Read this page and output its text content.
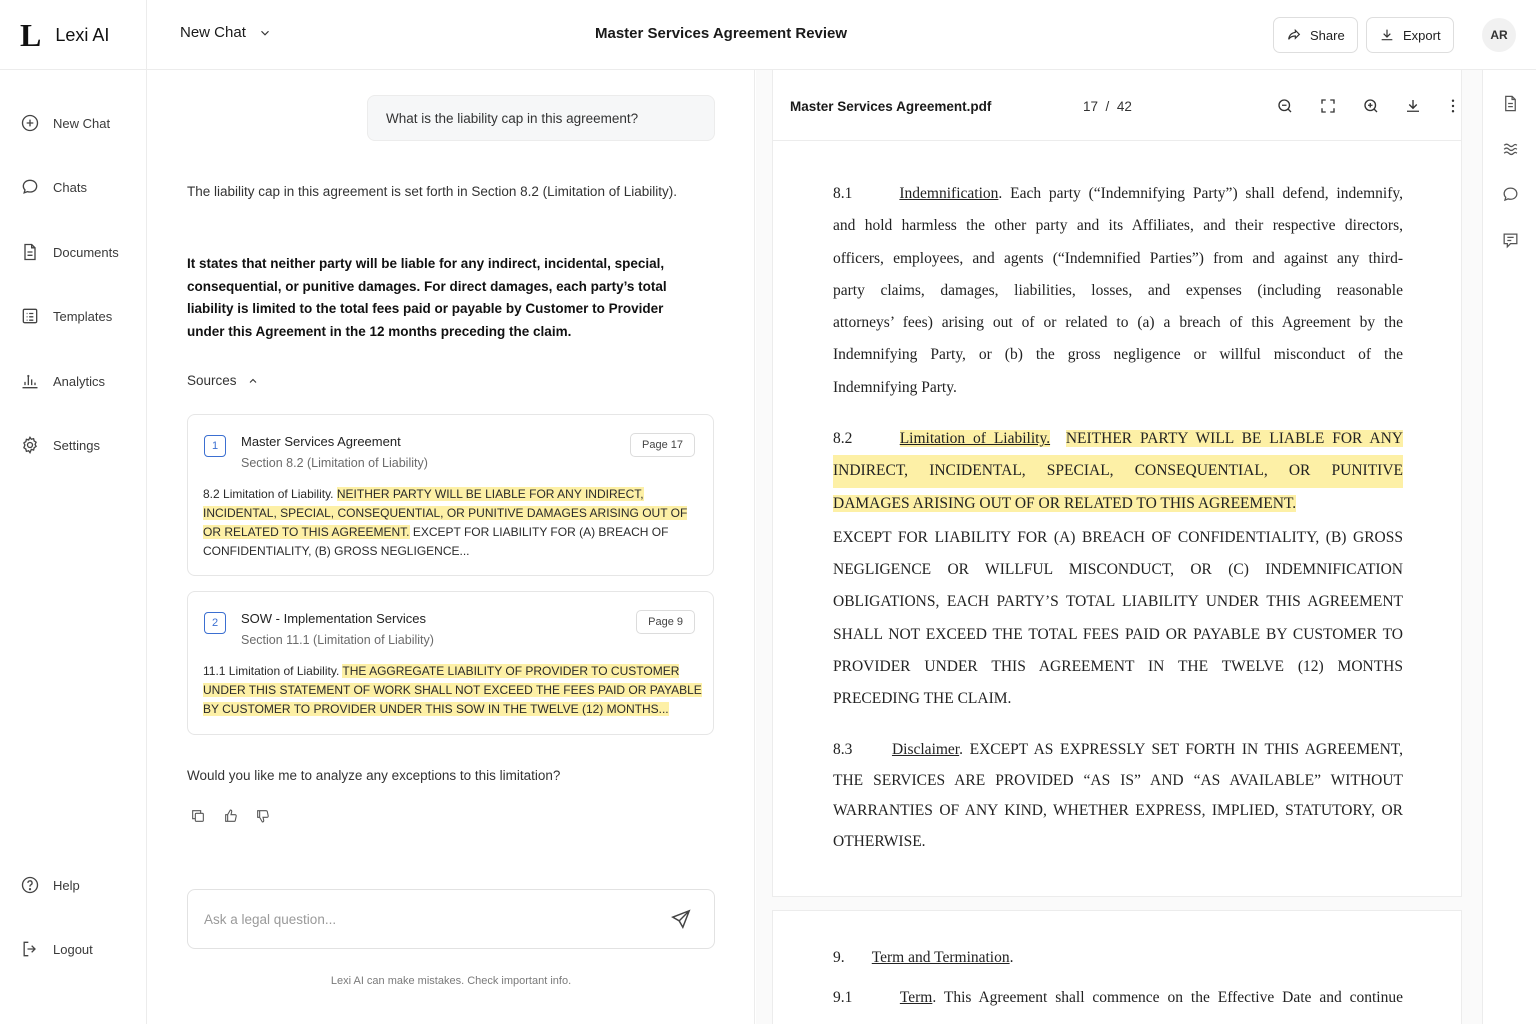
L Lexi AI
New Chat
Chats
Documents
Templates
Analytics
Settings
Help
Logout
New Chat	Master Services Agreement Review	Share	Export	AR
What is the liability cap in this agreement?
The liability cap in this agreement is set forth in Section 8.2 (Limitation of Liability).
It states that neither party will be liable for any indirect, incidental, special, consequential, or punitive damages. For direct damages, each party’s total liability is limited to the total fees paid or payable by Customer to Provider under this Agreement in the 12 months preceding the claim.
Sources
1	Master Services Agreement
Section 8.2 (Limitation of Liability)
Page 17
8.2 Limitation of Liability. NEITHER PARTY WILL BE LIABLE FOR ANY INDIRECT, INCIDENTAL, SPECIAL, CONSEQUENTIAL, OR PUNITIVE DAMAGES ARISING OUT OF OR RELATED TO THIS AGREEMENT. EXCEPT FOR LIABILITY FOR (A) BREACH OF CONFIDENTIALITY, (B) GROSS NEGLIGENCE...
2	SOW - Implementation Services
Section 11.1 (Limitation of Liability)
Page 9
11.1 Limitation of Liability. THE AGGREGATE LIABILITY OF PROVIDER TO CUSTOMER UNDER THIS STATEMENT OF WORK SHALL NOT EXCEED THE FEES PAID OR PAYABLE BY CUSTOMER TO PROVIDER UNDER THIS SOW IN THE TWELVE (12) MONTHS...
Would you like me to analyze any exceptions to this limitation?
Ask a legal question...
Lexi AI can make mistakes. Check important info.
Master Services Agreement.pdf	17 / 42
8.1	Indemnification. Each party (“Indemnifying Party”) shall defend, indemnify,
and hold harmless the other party and its Affiliates, and their respective directors,
officers, employees, and agents (“Indemnified Parties”) from and against any third-
party claims, damages, liabilities, losses, and expenses (including reasonable
attorneys’ fees) arising out of or related to (a) a breach of this Agreement by the
Indemnifying Party, or (b) the gross negligence or willful misconduct of the
Indemnifying Party.
8.2	Limitation of Liability. NEITHER PARTY WILL BE LIABLE FOR ANY
INDIRECT, INCIDENTAL, SPECIAL, CONSEQUENTIAL, OR PUNITIVE
DAMAGES ARISING OUT OF OR RELATED TO THIS AGREEMENT.
EXCEPT FOR LIABILITY FOR (A) BREACH OF CONFIDENTIALITY, (B) GROSS
NEGLIGENCE OR WILLFUL MISCONDUCT, OR (C) INDEMNIFICATION
OBLIGATIONS, EACH PARTY’S TOTAL LIABILITY UNDER THIS AGREEMENT
SHALL NOT EXCEED THE TOTAL FEES PAID OR PAYABLE BY CUSTOMER TO
PROVIDER UNDER THIS AGREEMENT IN THE TWELVE (12) MONTHS
PRECEDING THE CLAIM.
8.3	Disclaimer. EXCEPT AS EXPRESSLY SET FORTH IN THIS AGREEMENT,
THE SERVICES ARE PROVIDED “AS IS” AND “AS AVAILABLE” WITHOUT
WARRANTIES OF ANY KIND, WHETHER EXPRESS, IMPLIED, STATUTORY, OR
OTHERWISE.
9. Term and Termination.
9.1	Term. This Agreement shall commence on the Effective Date and continue
